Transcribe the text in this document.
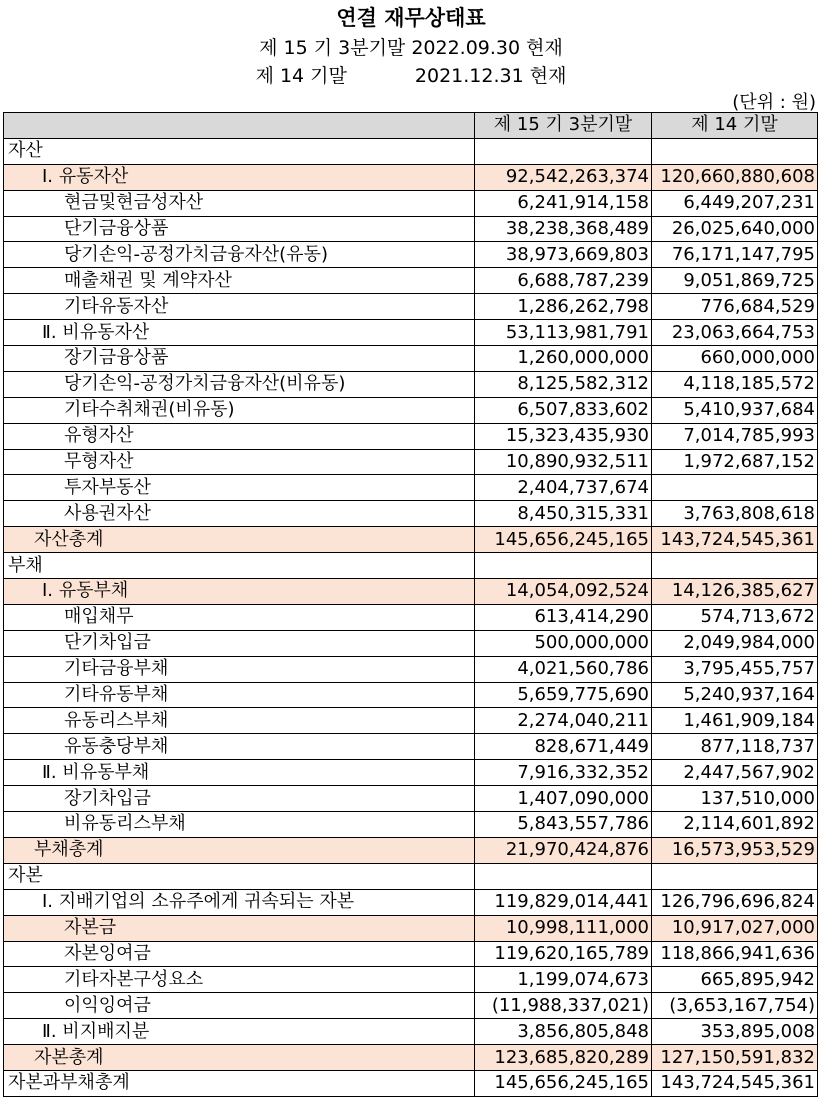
연결 재무상태표
제 15 기 3분기말 2022.09.30 현재
제 14 기말	2021.12.31 현재
(단위 : 원)
	제 15 기 3분기말	제 14 기말
자산		
Ⅰ. 유동자산	92,542,263,374	120,660,880,608
현금및현금성자산	6,241,914,158	6,449,207,231
단기금융상품	38,238,368,489	26,025,640,000
당기손익-공정가치금융자산(유동)	38,973,669,803	76,171,147,795
매출채권 및 계약자산	6,688,787,239	9,051,869,725
기타유동자산	1,286,262,798	776,684,529
Ⅱ. 비유동자산	53,113,981,791	23,063,664,753
장기금융상품	1,260,000,000	660,000,000
당기손익-공정가치금융자산(비유동)	8,125,582,312	4,118,185,572
기타수취채권(비유동)	6,507,833,602	5,410,937,684
유형자산	15,323,435,930	7,014,785,993
무형자산	10,890,932,511	1,972,687,152
투자부동산	2,404,737,674	
사용권자산	8,450,315,331	3,763,808,618
자산총계	145,656,245,165	143,724,545,361
부채		
Ⅰ. 유동부채	14,054,092,524	14,126,385,627
매입채무	613,414,290	574,713,672
단기차입금	500,000,000	2,049,984,000
기타금융부채	4,021,560,786	3,795,455,757
기타유동부채	5,659,775,690	5,240,937,164
유동리스부채	2,274,040,211	1,461,909,184
유동충당부채	828,671,449	877,118,737
Ⅱ. 비유동부채	7,916,332,352	2,447,567,902
장기차입금	1,407,090,000	137,510,000
비유동리스부채	5,843,557,786	2,114,601,892
부채총계	21,970,424,876	16,573,953,529
자본		
Ⅰ. 지배기업의 소유주에게 귀속되는 자본	119,829,014,441	126,796,696,824
자본금	10,998,111,000	10,917,027,000
자본잉여금	119,620,165,789	118,866,941,636
기타자본구성요소	1,199,074,673	665,895,942
이익잉여금	(11,988,337,021)	(3,653,167,754)
Ⅱ. 비지배지분	3,856,805,848	353,895,008
자본총계	123,685,820,289	127,150,591,832
자본과부채총계	145,656,245,165	143,724,545,361
